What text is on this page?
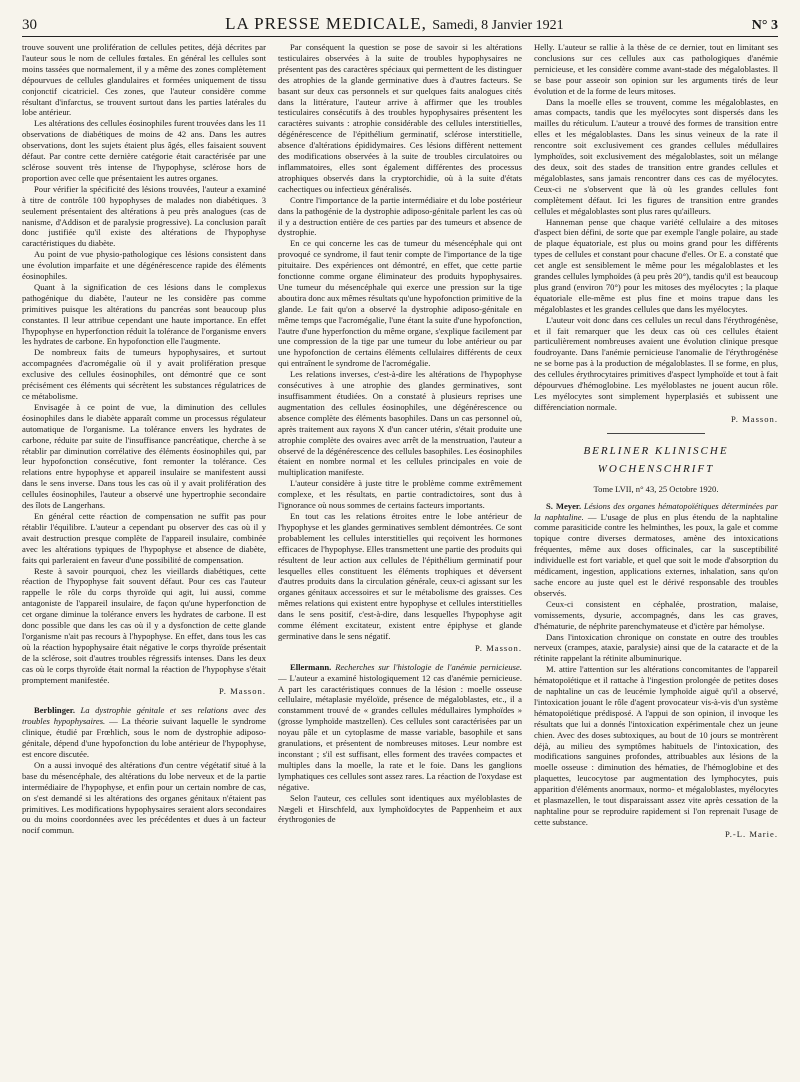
30	LA PRESSE MEDICALE, Samedi, 8 Janvier 1921	N° 3

trouve souvent une prolifération de cellules petites, déjà décrites par l'auteur sous le nom de cellules fœtales. En général les cellules sont moins tassées que normalement, il y a même des zones complètement dépourvues de cellules glandulaires et formées uniquement de tissu conjonctif cicatriciel. Ces zones, que l'auteur considère comme résultant d'infarctus, se trouvent surtout dans les parties latérales du lobe antérieur.

Les altérations des cellules éosinophiles furent trouvées dans les 11 observations de diabétiques de moins de 42 ans. Dans les autres observations, dont les sujets étaient plus âgés, elles faisaient souvent défaut. Par contre cette dernière catégorie était caractérisée par une sclérose souvent très intense de l'hypophyse, sclérose hors de proportion avec celle que présentaient les autres organes.

Pour vérifier la spécificité des lésions trouvées, l'auteur a examiné à titre de contrôle 100 hypophyses de malades non diabétiques. 3 seulement présentaient des altérations à peu près analogues (cas de nanisme, d'Addison et de paralysie progressive). La conclusion paraît donc justifiée qu'il existe des altérations de l'hypophyse caractéristiques du diabète.

Au point de vue physio-pathologique ces lésions consistent dans une évolution imparfaite et une dégénérescence rapide des éléments éosinophiles.

Quant à la signification de ces lésions dans le complexus pathogénique du diabète, l'auteur ne les considère pas comme primitives puisque les altérations du pancréas sont beaucoup plus constantes. Il leur attribue cependant une haute importance. En effet l'hypophyse en hyperfonction réduit la tolérance de l'organisme envers les hydrates de carbone. En hypofonction elle l'augmente.

De nombreux faits de tumeurs hypophysaires, et surtout accompagnées d'acromégalie où il y avait prolifération presque exclusive des cellules éosinophiles, ont démontré que ce sont précisément ces éléments qui sécrètent les substances régulatrices de ce métabolisme.

Envisagée à ce point de vue, la diminution des cellules éosinophiles dans le diabète apparaît comme un processus régulateur automatique de l'organisme. La tolérance envers les hydrates de carbone, réduite par suite de l'insuffisance pancréatique, cherche à se rétablir par diminution corrélative des éléments éosinophiles qui, par leur hypofonction consécutive, font remonter la tolérance. Ces relations entre hypophyse et appareil insulaire se manifestent aussi dans le sens inverse. Dans tous les cas où il y avait prolifération des cellules éosinophiles, l'auteur a observé une hypertrophie secondaire des îlots de Langerhans.

En général cette réaction de compensation ne suffit pas pour rétablir l'équilibre. L'auteur a cependant pu observer des cas où il y avait destruction presque complète de l'appareil insulaire, combinée avec les altérations typiques de l'hypophyse et absence de diabète, faits qui parleraient en faveur d'une possibilité de compensation.

Reste à savoir pourquoi, chez les vieillards diabétiques, cette réaction de l'hypophyse fait souvent défaut. Pour ces cas l'auteur rappelle le rôle du corps thyroïde qui agit, lui aussi, comme antagoniste de l'appareil insulaire, de façon qu'une hyperfonction de cet organe diminue la tolérance envers les hydrates de carbone. Il est donc possible que dans les cas où il y a dysfonction de cette glande l'organisme n'ait pas recours à l'hypophyse. En effet, dans tous les cas où la réaction hypophysaire était négative le corps thyroïde présentait de la sclérose, soit d'autres troubles régressifs intenses. Dans les deux cas où le corps thyroïde était normal la réaction de l'hypophyse s'était promptement manifestée.

P. Masson.

Berblinger. La dystrophie génitale et ses relations avec des troubles hypophysaires. — La théorie suivant laquelle le syndrome clinique, étudié par Frœhlich, sous le nom de dystrophie adiposo-génitale, dépend d'une hypofonction du lobe antérieur de l'hypophyse, est encore discutée.

On a aussi invoqué des altérations d'un centre végétatif situé à la base du mésencéphale, des altérations du lobe nerveux et de la partie intermédiaire de l'hypophyse, et enfin pour un certain nombre de cas, on s'est demandé si les altérations des organes génitaux n'étaient pas primitives. Les modifications hypophysaires seraient alors secondaires ou du moins coordonnées avec les précédentes et dues à un facteur nocif commun.

Par conséquent la question se pose de savoir si les altérations testiculaires observées à la suite de troubles hypophysaires ne présentent pas des caractères spéciaux qui permettent de les distinguer des atrophies de la glande germinative dues à d'autres facteurs. Se basant sur deux cas personnels et sur quelques faits analogues cités dans la littérature, l'auteur arrive à affirmer que les troubles testiculaires consécutifs à des troubles hypophysaires présentent les caractères suivants : atrophie considérable des cellules interstitielles, dégénérescence de l'épithélium germinatif, sclérose interstitielle, absence d'altérations épididymaires. Ces lésions diffèrent nettement des modifications observées à la suite de troubles circulatoires ou inflammatoires, elles sont également différentes des processus atrophiques observés dans la cryptorchidie, où à la suite d'états cachectiques ou infectieux généralisés.

Contre l'importance de la partie intermédiaire et du lobe postérieur dans la pathogénie de la dystrophie adiposo-génitale parlent les cas où il y a destruction entière de ces parties par des tumeurs et absence de dystrophie.

En ce qui concerne les cas de tumeur du mésencéphale qui ont provoqué ce syndrome, il faut tenir compte de l'importance de la tige pituitaire. Des expériences ont démontré, en effet, que cette partie fonctionne comme organe éliminateur des produits hypophysaires. Une tumeur du mésencéphale qui exerce une pression sur la tige aboutira donc aux mêmes résultats qu'une hypofonction primitive de la glande. Le fait qu'on a observé la dystrophie adiposo-génitale en même temps que l'acromégalie, l'une étant la suite d'une hypofonction, l'autre d'une hyperfonction du même organe, s'explique facilement par une compression de la tige par une tumeur du lobe antérieur ou par une hypofonction de certains éléments cellulaires différents de ceux qui entraînent le syndrome de l'acromégalie.

Les relations inverses, c'est-à-dire les altérations de l'hypophyse consécutives à une atrophie des glandes germinatives, sont insuffisamment étudiées. On a constaté à plusieurs reprises une augmentation des cellules éosinophiles, une dégénérescence ou absence complète des éléments basophiles. Dans un cas personnel où, après traitement aux rayons X d'un cancer utérin, s'était produite une atrophie complète des ovaires avec arrêt de la menstruation, l'auteur a observé de la dégénérescence des cellules basophiles. Les éosinophiles étaient en nombre normal et les cellules principales en voie de multiplication manifeste.

L'auteur considère à juste titre le problème comme extrêmement complexe, et les résultats, en partie contradictoires, sont dus à l'ignorance où nous sommes de certains facteurs importants.

En tout cas les relations étroites entre le lobe antérieur de l'hypophyse et les glandes germinatives semblent démontrées. Ce sont probablement les cellules interstitielles qui reçoivent les hormones efficaces de l'hypophyse. Elles transmettent une partie des produits qui résultent de leur action aux cellules de l'épithélium germinatif pour lesquelles elles constituent les éléments trophiques et déversent d'autres produits dans la circulation générale, ceux-ci agissant sur les organes génitaux accessoires et sur le métabolisme des graisses. Ces mêmes relations qui existent entre hypophyse et cellules interstitielles dans le sens positif, c'est-à-dire, dans lesquelles l'hypophyse agit comme élément excitateur, existent entre épiphyse et glande germinative dans le sens négatif.

P. Masson.

Ellermann. Recherches sur l'histologie de l'anémie pernicieuse. — L'auteur a examiné histologiquement 12 cas d'anémie pernicieuse. A part les caractéristiques connues de la lésion : moelle osseuse cellulaire, métaplasie myéloïde, présence de mégaloblastes, etc., il a constamment trouvé de « grandes cellules médullaires lymphoïdes » (grosse lymphoïde mastzellen). Ces cellules sont caractérisées par un noyau pâle et un cytoplasme de masse variable, basophile et sans granulations, et présentent de nombreuses mitoses. Leur nombre est inconstant ; s'il est suffisant, elles forment des travées compactes et multiples dans la moelle, la rate et le foie. Dans les ganglions lymphatiques ces cellules sont assez rares. La réaction de l'oxydase est négative.

Selon l'auteur, ces cellules sont identiques aux myéloblastes de Nægeli et Hirschfeld, aux lymphoïdocytes de Pappenheim et aux érythrogonies de

Helly. L'auteur se rallie à la thèse de ce dernier, tout en limitant ses conclusions sur ces cellules aux cas pathologiques d'anémie pernicieuse, et les considère comme avant-stade des mégaloblastes. Il se base pour asseoir son opinion sur les arguments tirés de leur évolution et de la forme de leurs mitoses.

Dans la moelle elles se trouvent, comme les mégaloblastes, en amas compacts, tandis que les myélocytes sont dispersés dans les mailles du réticulum. L'auteur a trouvé des formes de transition entre elles et les mégaloblastes. Dans les sinus veineux de la rate il rencontre soit exclusivement ces grandes cellules médullaires lymphoïdes, soit exclusivement des mégaloblastes, soit un mélange des deux, soit des stades de transition entre grandes cellules et mégaloblastes, sans jamais rencontrer dans ces cas de myélocytes. Ceux-ci ne s'observent que là où les grandes cellules font complètement défaut. Ici les figures de transition entre grandes cellules et mégaloblastes sont plus rares qu'ailleurs.

Hanneman pense que chaque variété cellulaire a des mitoses d'aspect bien défini, de sorte que par exemple l'angle polaire, au stade de plaque équatoriale, est plus ou moins grand pour les différents types de cellules et constant pour chacune d'elles. Or E. a constaté que cet angle est sensiblement le même pour les mégaloblastes et les grandes cellules lymphoïdes (à peu près 20°), tandis qu'il est beaucoup plus grand (environ 70°) pour les mitoses des myélocytes ; la plaque équatoriale elle-même est plus fine et moins trapue dans les mégaloblastes et les grandes cellules que dans les myélocytes.

L'auteur voit donc dans ces cellules un recul dans l'érythrogénèse, et il fait remarquer que les deux cas où ces cellules étaient particulièrement nombreuses avaient une évolution clinique presque foudroyante. Dans l'anémie pernicieuse l'anomalie de l'érythrogénèse ne se borne pas à la production de mégaloblastes. Il se forme, en plus, des cellules érythrocytaires primitives d'aspect lymphoïde et tout à fait dépourvues d'hémoglobine. Les myéloblastes ne jouent aucun rôle. Les myélocytes sont simplement hyperplasiés et subissent une différenciation normale.

P. Masson.
BERLINER KLINISCHE
WOCHENSCHRIFT
Tome LVII, n° 43, 25 Octobre 1920.

S. Meyer. Lésions des organes hématopoïétiques déterminées par la naphtaline. — L'usage de plus en plus étendu de la naphtaline comme parasiticide contre les helminthes, les poux, la gale et comme topique contre diverses dermatoses, amène des intoxications fréquentes, même aux doses officinales, car la susceptibilité individuelle est fort variable, et quel que soit le mode d'absorption du médicament, ingestion, applications externes, inhalation, sans qu'on sache encore au juste quel est le dérivé responsable des troubles observés.

Ceux-ci consistent en céphalée, prostration, malaise, vomissements, dysurie, accompagnés, dans les cas graves, d'hématurie, de néphrite parenchymateuse et d'ictère par hémolyse.

Dans l'intoxication chronique on constate en outre des troubles nerveux (crampes, ataxie, paralysie) ainsi que de la cataracte et de la rétinite rappelant la rétinite albuminurique.

M. attire l'attention sur les altérations concomitantes de l'appareil hématopoïétique et il rattache à l'ingestion prolongée de petites doses de naphtaline un cas de leucémie lymphoïde aiguë qu'il a observé, l'intoxication jouant le rôle d'agent provocateur vis-à-vis d'un système hématopoïétique prédisposé. A l'appui de son opinion, il invoque les résultats que lui a donnés l'intoxication expérimentale chez un jeune chien. Avec des doses subtoxiques, au bout de 10 jours se montrèrent déjà, au milieu des symptômes habituels de l'intoxication, des modifications sanguines profondes, attribuables aux lésions de la moelle osseuse : diminution des hématies, de l'hémoglobine et des plaquettes, leucocytose par augmentation des lymphocytes, puis apparition d'éléments anormaux, normo- et mégaloblastes, myélocytes et plasmazellen, le tout disparaissant assez vite après cessation de la naphtaline pour se reproduire rapidement si l'on reprenait l'usage de cette substance.

P.-L. Marie.
